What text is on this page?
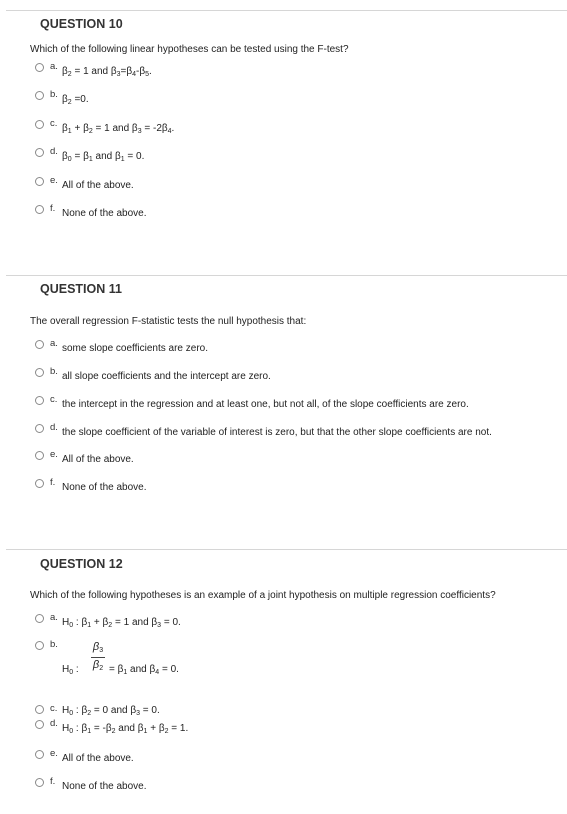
QUESTION 10
Which of the following linear hypotheses can be tested using the F-test?
a. $\beta_2 = 1$ and $\beta_3=\beta_4-\beta_5$.
b. $\beta_2 =0$.
c. $\beta_1 + \beta_2 = 1$ and $\beta_3 = -2\beta_4$.
d. $\beta_0 = \beta_1$ and $\beta_1 = 0$.
e. All of the above.
f. None of the above.
QUESTION 11
The overall regression F-statistic tests the null hypothesis that:
a. some slope coefficients are zero.
b. all slope coefficients and the intercept are zero.
c. the intercept in the regression and at least one, but not all, of the slope coefficients are zero.
d. the slope coefficient of the variable of interest is zero, but that the other slope coefficients are not.
e. All of the above.
f. None of the above.
QUESTION 12
Which of the following hypotheses is an example of a joint hypothesis on multiple regression coefficients?
a. $H_0$ : $\beta_1 + \beta_2 = 1$ and $\beta_3 = 0$.
b.
$H_0$ :
$\beta_3$
$\beta_2 = \beta_1$ and $\beta_4 = 0$.
c. $H_0$ : $\beta_2 = 0$ and $\beta_3 = 0$.
d. $H_0$ : $\beta_1 = -\beta_2$ and $\beta_1 + \beta_2 = 1$.
e. All of the above.
f. None of the above.
